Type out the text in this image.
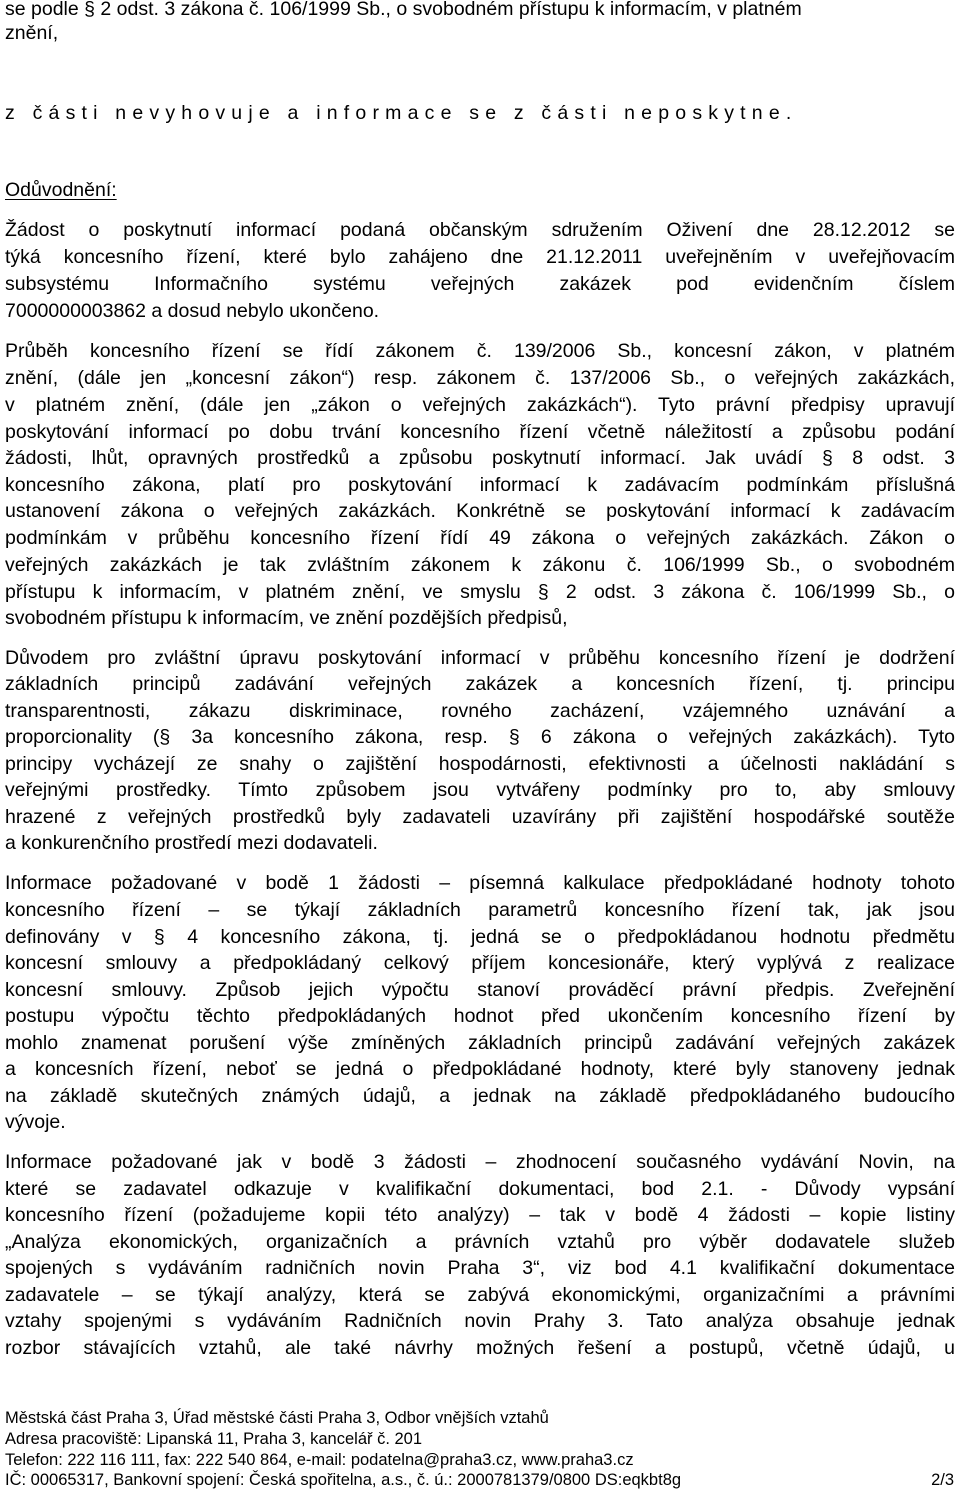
se podle § 2 odst. 3 zákona č. 106/1999 Sb., o svobodném přístupu k informacím, v platném
znění,
z části nevyhovuje a informace se z části neposkytne.
Odůvodnění:
Žádost o poskytnutí informací podaná občanským sdružením Oživení dne 28.12.2012 se
týká koncesního řízení, které bylo zahájeno dne 21.12.2011 uveřejněním v uveřejňovacím
subsystému Informačního systému veřejných zakázek pod evidenčním číslem
7000000003862 a dosud nebylo ukončeno.
Průběh koncesního řízení se řídí zákonem č. 139/2006 Sb., koncesní zákon, v platném
znění, (dále jen „koncesní zákon“) resp. zákonem č. 137/2006 Sb., o veřejných zakázkách,
v platném znění, (dále jen „zákon o veřejných zakázkách“). Tyto právní předpisy upravují
poskytování informací po dobu trvání koncesního řízení včetně náležitostí a způsobu podání
žádosti, lhůt, opravných prostředků a způsobu poskytnutí informací. Jak uvádí § 8 odst. 3
koncesního zákona, platí pro poskytování informací k zadávacím podmínkám příslušná
ustanovení zákona o veřejných zakázkách. Konkrétně se poskytování informací k zadávacím
podmínkám v průběhu koncesního řízení řídí 49 zákona o veřejných zakázkách. Zákon o
veřejných zakázkách je tak zvláštním zákonem k zákonu č. 106/1999 Sb., o svobodném
přístupu k informacím, v platném znění, ve smyslu § 2 odst. 3 zákona č. 106/1999 Sb., o
svobodném přístupu k informacím, ve znění pozdějších předpisů,
Důvodem pro zvláštní úpravu poskytování informací v průběhu koncesního řízení je dodržení
základních principů zadávání veřejných zakázek a koncesních řízení, tj. principu
transparentnosti, zákazu diskriminace, rovného zacházení, vzájemného uznávání a
proporcionality (§ 3a koncesního zákona, resp. § 6 zákona o veřejných zakázkách). Tyto
principy vycházejí ze snahy o zajištění hospodárnosti, efektivnosti a účelnosti nakládání s
veřejnými prostředky. Tímto způsobem jsou vytvářeny podmínky pro to, aby smlouvy
hrazené z veřejných prostředků byly zadavateli uzavírány při zajištění hospodářské soutěže
a konkurenčního prostředí mezi dodavateli.
Informace požadované v bodě 1 žádosti – písemná kalkulace předpokládané hodnoty tohoto
koncesního řízení – se týkají základních parametrů koncesního řízení tak, jak jsou
definovány v § 4 koncesního zákona, tj. jedná se o předpokládanou hodnotu předmětu
koncesní smlouvy a předpokládaný celkový příjem koncesionáře, který vyplývá z realizace
koncesní smlouvy. Způsob jejich výpočtu stanoví prováděcí právní předpis. Zveřejnění
postupu výpočtu těchto předpokládaných hodnot před ukončením koncesního řízení by
mohlo znamenat porušení výše zmíněných základních principů zadávání veřejných zakázek
a koncesních řízení, neboť se jedná o předpokládané hodnoty, které byly stanoveny jednak
na základě skutečných známých údajů, a jednak na základě předpokládaného budoucího
vývoje.
Informace požadované jak v bodě 3 žádosti – zhodnocení současného vydávání Novin, na
které se zadavatel odkazuje v kvalifikační dokumentaci, bod 2.1. - Důvody vypsání
koncesního řízení (požadujeme kopii této analýzy) – tak v bodě 4 žádosti – kopie listiny
„Analýza ekonomických, organizačních a právních vztahů pro výběr dodavatele služeb
spojených s vydáváním radničních novin Praha 3“, viz bod 4.1 kvalifikační dokumentace
zadavatele – se týkají analýzy, která se zabývá ekonomickými, organizačními a právními
vztahy spojenými s vydáváním Radničních novin Prahy 3. Tato analýza obsahuje jednak
rozbor stávajících vztahů, ale také návrhy možných řešení a postupů, včetně údajů, u
Městská část Praha 3, Úřad městské části Praha 3, Odbor vnějších vztahů
Adresa pracoviště: Lipanská 11, Praha 3, kancelář č. 201
Telefon: 222 116 111, fax: 222 540 864, e-mail: podatelna@praha3.cz, www.praha3.cz
IČ: 00065317, Bankovní spojení: Česká spořitelna, a.s., č. ú.: 2000781379/0800 DS:eqkbt8g	2/3
